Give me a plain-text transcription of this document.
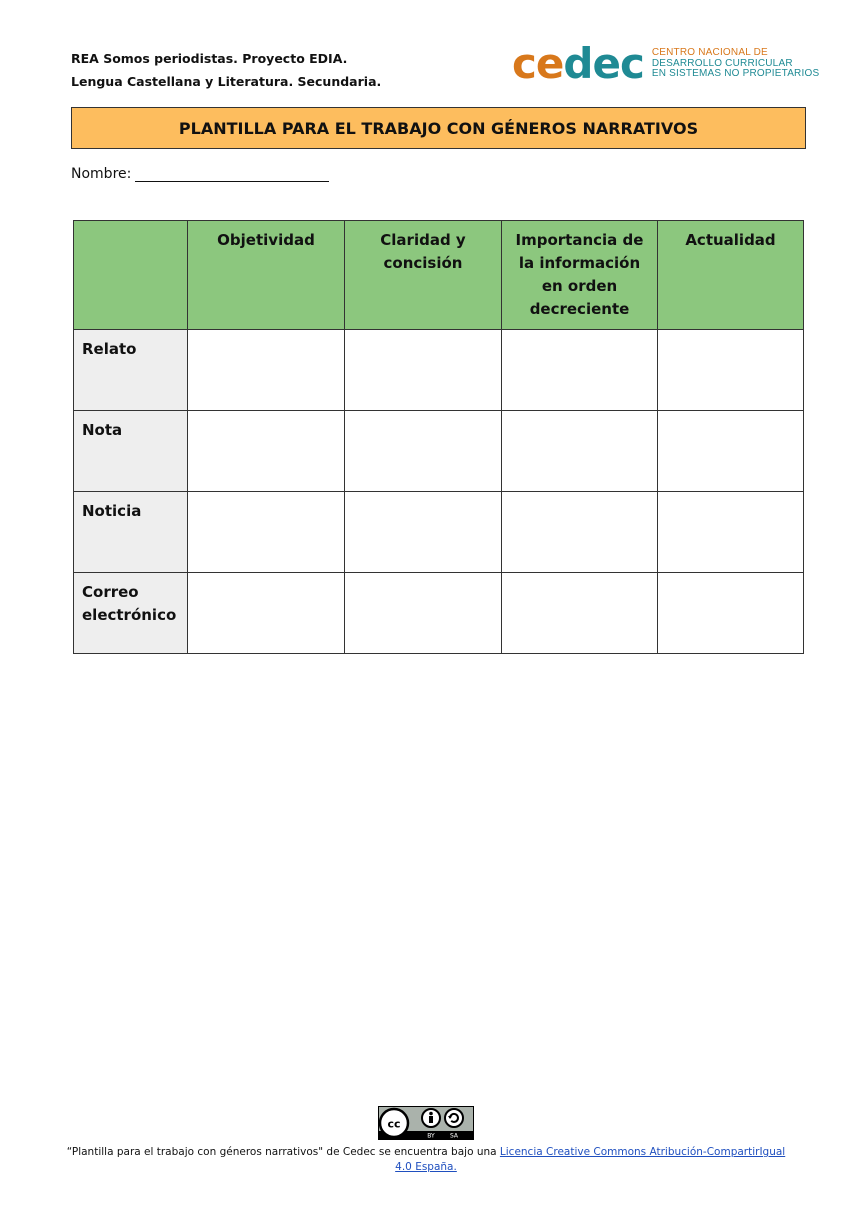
REA Somos periodistas. Proyecto EDIA.
Lengua Castellana y Literatura. Secundaria.	cedec CENTRO NACIONAL DE
DESARROLLO CURRICULAR
EN SISTEMAS NO PROPIETARIOS
PLANTILLA PARA EL TRABAJO CON GÉNEROS NARRATIVOS
Nombre:
	Objetividad	Claridad y concisión	Importancia de la información en orden decreciente	Actualidad
Relato				
Nota				
Noticia				
Correo electrónico				
cc
BY	SA
“Plantilla para el trabajo con géneros narrativos" de Cedec se encuentra bajo una Licencia Creative Commons Atribución-CompartirIgual 4.0 España.
